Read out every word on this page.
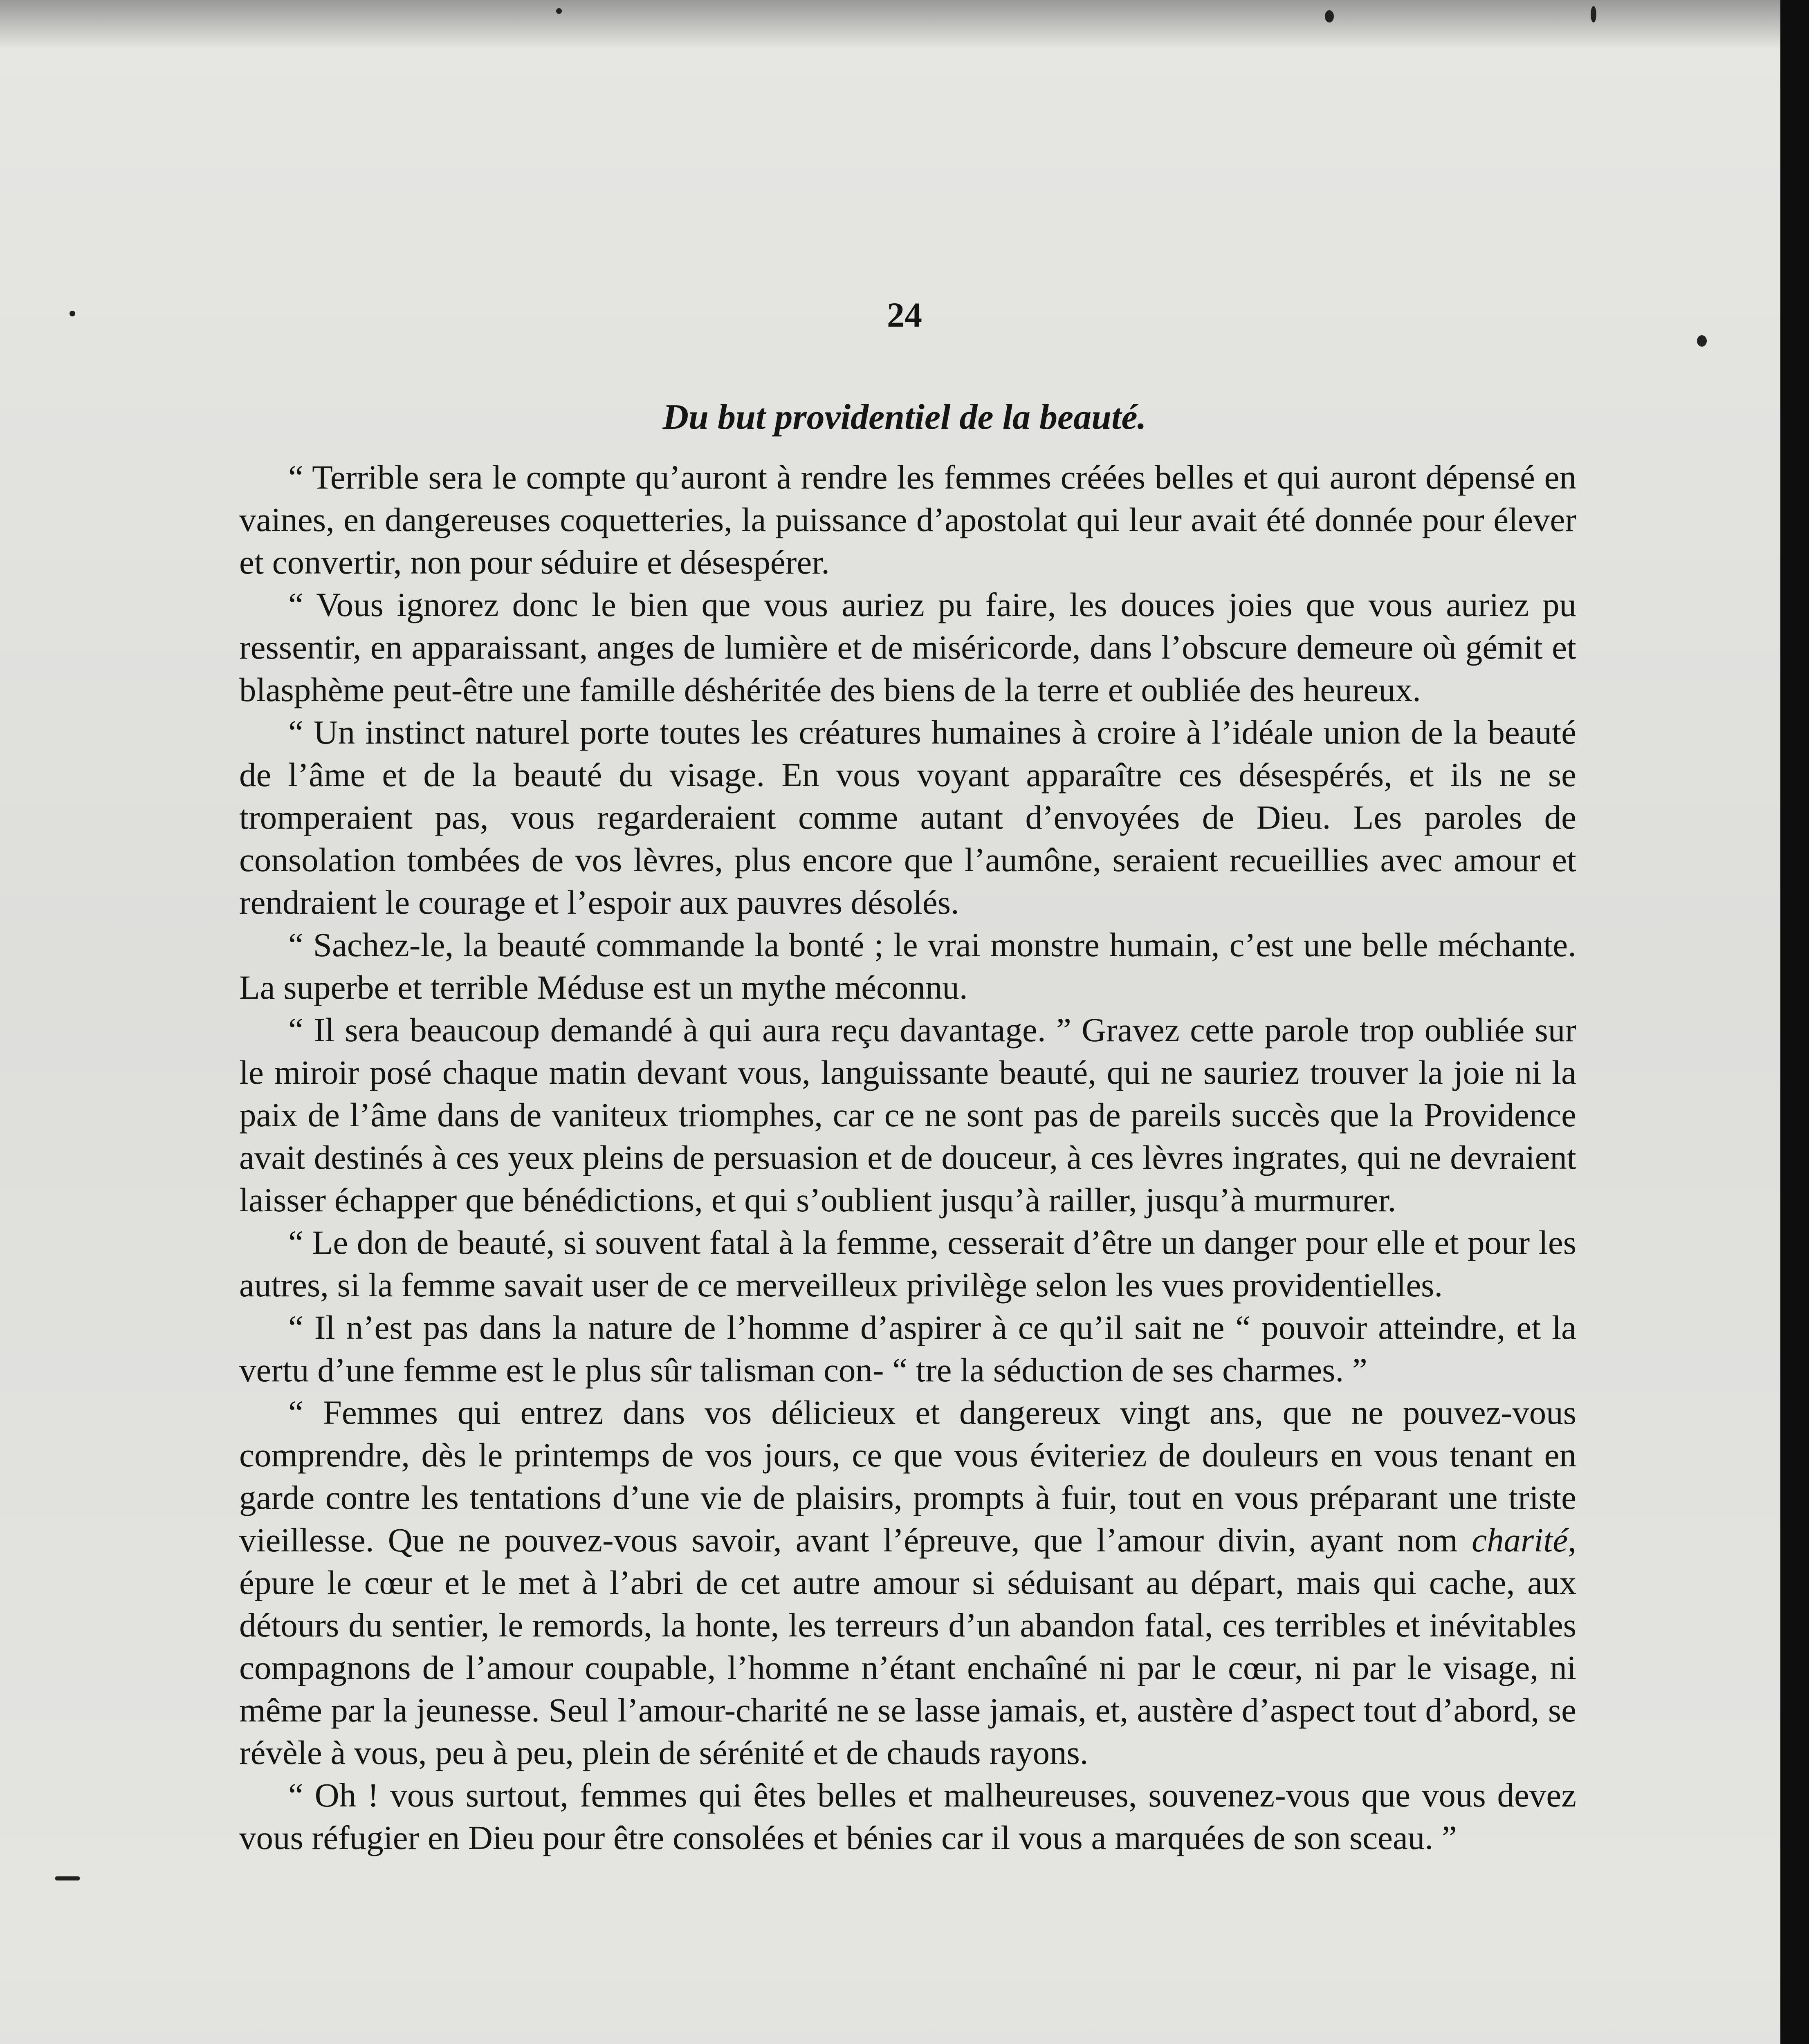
24
Du but providentiel de la beauté.

“ Terrible sera le compte qu’auront à rendre les femmes créées belles et qui auront dépensé en vaines, en dangereuses coquetteries, la puissance d’apostolat qui leur avait été donnée pour élever et convertir, non pour séduire et désespérer.

“ Vous ignorez donc le bien que vous auriez pu faire, les douces joies que vous auriez pu ressentir, en apparaissant, anges de lumière et de miséricorde, dans l’obscure demeure où gémit et blasphème peut-être une famille déshéritée des biens de la terre et oubliée des heureux.

“ Un instinct naturel porte toutes les créatures humaines à croire à l’idéale union de la beauté de l’âme et de la beauté du visage. En vous voyant apparaître ces désespérés, et ils ne se tromperaient pas, vous regarderaient comme autant d’envoyées de Dieu. Les paroles de consolation tombées de vos lèvres, plus encore que l’aumône, seraient recueillies avec amour et rendraient le courage et l’espoir aux pauvres désolés.

“ Sachez-le, la beauté commande la bonté ; le vrai monstre humain, c’est une belle méchante. La superbe et terrible Méduse est un mythe méconnu.

“ Il sera beaucoup demandé à qui aura reçu davantage. ” Gravez cette parole trop oubliée sur le miroir posé chaque matin devant vous, languissante beauté, qui ne sauriez trouver la joie ni la paix de l’âme dans de vaniteux triomphes, car ce ne sont pas de pareils succès que la Providence avait destinés à ces yeux pleins de persuasion et de douceur, à ces lèvres ingrates, qui ne devraient laisser échapper que bénédictions, et qui s’oublient jusqu’à railler, jusqu’à murmurer.

“ Le don de beauté, si souvent fatal à la femme, cesserait d’être un danger pour elle et pour les autres, si la femme savait user de ce merveilleux privilège selon les vues providentielles.

“ Il n’est pas dans la nature de l’homme d’aspirer à ce qu’il sait ne “ pouvoir atteindre, et la vertu d’une femme est le plus sûr talisman con- “ tre la séduction de ses charmes. ”

“ Femmes qui entrez dans vos délicieux et dangereux vingt ans, que ne pouvez-vous comprendre, dès le printemps de vos jours, ce que vous éviteriez de douleurs en vous tenant en garde contre les tentations d’une vie de plaisirs, prompts à fuir, tout en vous préparant une triste vieillesse. Que ne pouvez-vous savoir, avant l’épreuve, que l’amour divin, ayant nom charité, épure le cœur et le met à l’abri de cet autre amour si séduisant au départ, mais qui cache, aux détours du sentier, le remords, la honte, les terreurs d’un abandon fatal, ces terribles et inévitables compagnons de l’amour coupable, l’homme n’étant enchaîné ni par le cœur, ni par le visage, ni même par la jeunesse. Seul l’amour-charité ne se lasse jamais, et, austère d’aspect tout d’abord, se révèle à vous, peu à peu, plein de sérénité et de chauds rayons.

“ Oh ! vous surtout, femmes qui êtes belles et malheureuses, souvenez-vous que vous devez vous réfugier en Dieu pour être consolées et bénies car il vous a marquées de son sceau. ”
